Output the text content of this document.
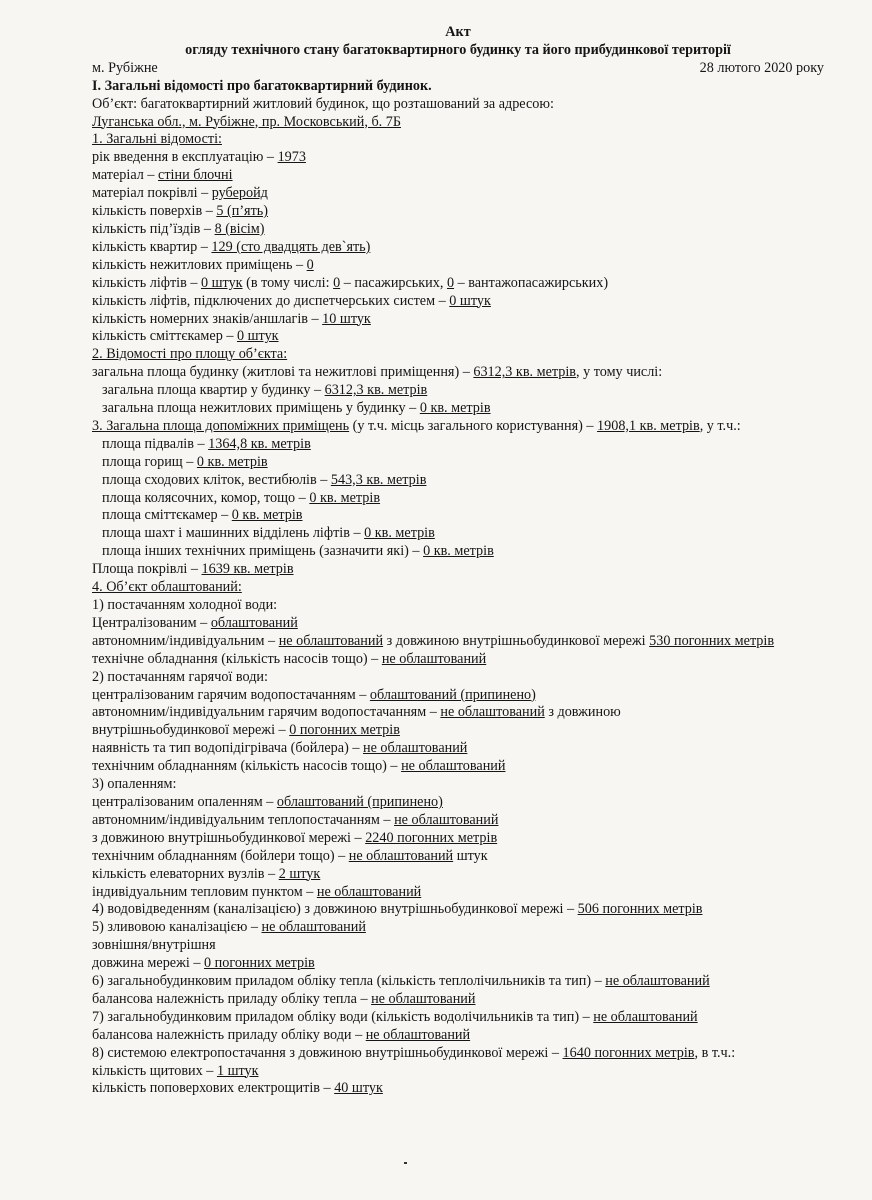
Акт
огляду технічного стану багатоквартирного будинку та його прибудинкової території
м. Рубіжне	28 лютого 2020 року
І. Загальні відомості про багатоквартирний будинок.
Об’єкт: багатоквартирний житловий будинок, що розташований за адресою:
Луганська обл., м. Рубіжне, пр. Московський, б. 7Б
1. Загальні відомості:
рік введення в експлуатацію – 1973
матеріал – стіни блочні
матеріал покрівлі – руберойд
кількість поверхів – 5 (п’ять)
кількість під’їздів – 8 (вісім)
кількість квартир – 129 (сто двадцять дев`ять)
кількість нежитлових приміщень – 0
кількість ліфтів – 0 штук (в тому числі: 0 – пасажирських, 0 – вантажопасажирських)
кількість ліфтів, підключених до диспетчерських систем – 0 штук
кількість номерних знаків/аншлагів – 10 штук
кількість сміттєкамер – 0 штук
2. Відомості про площу об’єкта:
загальна площа будинку (житлові та нежитлові приміщення) – 6312,3 кв. метрів, у тому числі:
загальна площа квартир у будинку – 6312,3 кв. метрів
загальна площа нежитлових приміщень у будинку – 0 кв. метрів
3. Загальна площа допоміжних приміщень (у т.ч. місць загального користування) – 1908,1 кв. метрів, у т.ч.:
площа підвалів – 1364,8 кв. метрів
площа горищ – 0 кв. метрів
площа сходових кліток, вестибюлів – 543,3 кв. метрів
площа колясочних, комор, тощо – 0 кв. метрів
площа сміттєкамер – 0 кв. метрів
площа шахт і машинних відділень ліфтів – 0 кв. метрів
площа інших технічних приміщень (зазначити які) – 0 кв. метрів
Площа покрівлі – 1639 кв. метрів
4. Об’єкт облаштований:
1) постачанням холодної води:
Централізованим – облаштований
автономним/індивідуальним – не облаштований з довжиною внутрішньобудинкової мережі 530 погонних метрів
технічне обладнання (кількість насосів тощо) – не облаштований
2) постачанням гарячої води:
централізованим гарячим водопостачанням – облаштований (припинено)
автономним/індивідуальним гарячим водопостачанням – не облаштований з довжиною
внутрішньобудинкової мережі – 0 погонних метрів
наявність та тип водопідігрівача (бойлера) – не облаштований
технічним обладнанням (кількість насосів тощо) – не облаштований
3) опаленням:
централізованим опаленням – облаштований (припинено)
автономним/індивідуальним теплопостачанням – не облаштований
з довжиною внутрішньобудинкової мережі – 2240 погонних метрів
технічним обладнанням (бойлери тощо) – не облаштований штук
кількість елеваторних вузлів – 2 штук
індивідуальним тепловим пунктом – не облаштований
4) водовідведенням (каналізацією) з довжиною внутрішньобудинкової мережі – 506 погонних метрів
5) зливовою каналізацією – не облаштований
зовнішня/внутрішня
довжина мережі – 0 погонних метрів
6) загальнобудинковим приладом обліку тепла (кількість теплолічильників та тип) – не облаштований
балансова належність приладу обліку тепла – не облаштований
7) загальнобудинковим приладом обліку води (кількість водолічильників та тип) – не облаштований
балансова належність приладу обліку води – не облаштований
8) системою електропостачання з довжиною внутрішньобудинкової мережі – 1640 погонних метрів, в т.ч.:
кількість щитових – 1 штук
кількість поповерхових електрощитів – 40 штук
